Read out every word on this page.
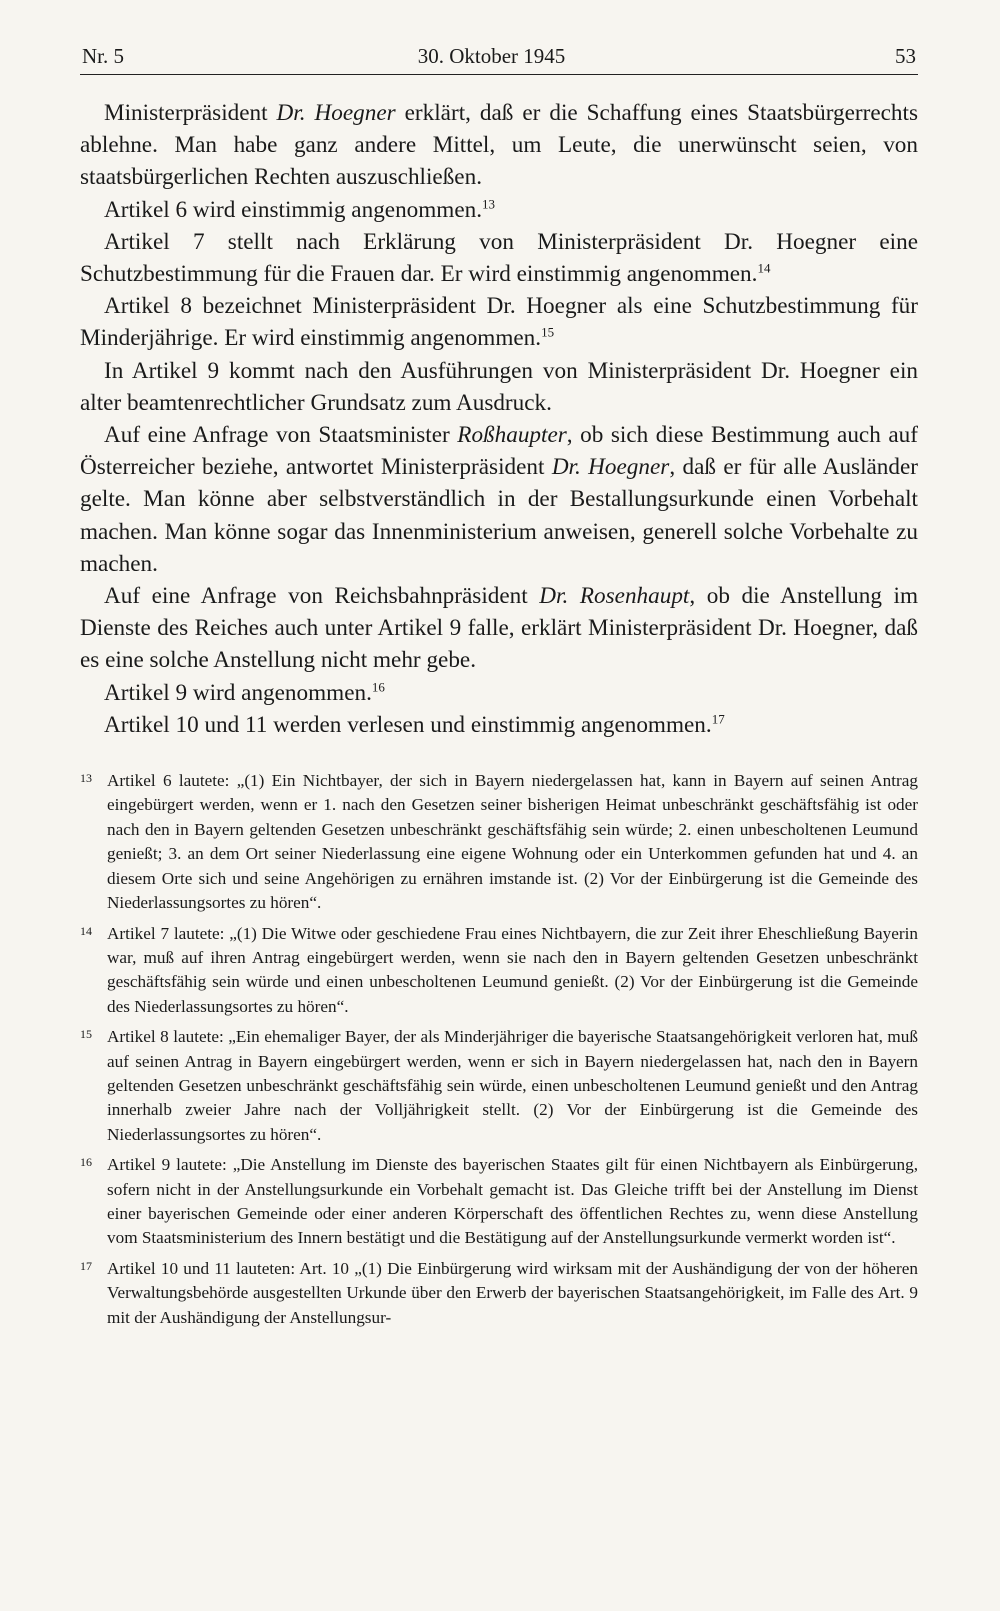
Nr. 5	30. Oktober 1945	53

Ministerpräsident Dr. Hoegner erklärt, daß er die Schaffung eines Staatsbürgerrechts ablehne. Man habe ganz andere Mittel, um Leute, die unerwünscht seien, von staatsbürgerlichen Rechten auszuschließen.

Artikel 6 wird einstimmig angenommen.$^{13}$

Artikel 7 stellt nach Erklärung von Ministerpräsident Dr. Hoegner eine Schutzbestimmung für die Frauen dar. Er wird einstimmig angenommen.$^{14}$

Artikel 8 bezeichnet Ministerpräsident Dr. Hoegner als eine Schutzbestimmung für Minderjährige. Er wird einstimmig angenommen.$^{15}$

In Artikel 9 kommt nach den Ausführungen von Ministerpräsident Dr. Hoegner ein alter beamtenrechtlicher Grundsatz zum Ausdruck.

Auf eine Anfrage von Staatsminister Roßhaupter, ob sich diese Bestimmung auch auf Österreicher beziehe, antwortet Ministerpräsident Dr. Hoegner, daß er für alle Ausländer gelte. Man könne aber selbstverständlich in der Bestallungsurkunde einen Vorbehalt machen. Man könne sogar das Innenministerium anweisen, generell solche Vorbehalte zu machen.

Auf eine Anfrage von Reichsbahnpräsident Dr. Rosenhaupt, ob die Anstellung im Dienste des Reiches auch unter Artikel 9 falle, erklärt Ministerpräsident Dr. Hoegner, daß es eine solche Anstellung nicht mehr gebe.

Artikel 9 wird angenommen.$^{16}$

Artikel 10 und 11 werden verlesen und einstimmig angenommen.$^{17}$

13 Artikel 6 lautete: „(1) Ein Nichtbayer, der sich in Bayern niedergelassen hat, kann in Bayern auf seinen Antrag eingebürgert werden, wenn er 1. nach den Gesetzen seiner bisherigen Heimat unbeschränkt geschäftsfähig ist oder nach den in Bayern geltenden Gesetzen unbeschränkt geschäftsfähig sein würde; 2. einen unbescholtenen Leumund genießt; 3. an dem Ort seiner Niederlassung eine eigene Wohnung oder ein Unterkommen gefunden hat und 4. an diesem Orte sich und seine Angehörigen zu ernähren imstande ist. (2) Vor der Einbürgerung ist die Gemeinde des Niederlassungsortes zu hören“.
14 Artikel 7 lautete: „(1) Die Witwe oder geschiedene Frau eines Nichtbayern, die zur Zeit ihrer Eheschließung Bayerin war, muß auf ihren Antrag eingebürgert werden, wenn sie nach den in Bayern geltenden Gesetzen unbeschränkt geschäftsfähig sein würde und einen unbescholtenen Leumund genießt. (2) Vor der Einbürgerung ist die Gemeinde des Niederlassungsortes zu hören“.
15 Artikel 8 lautete: „Ein ehemaliger Bayer, der als Minderjähriger die bayerische Staatsangehörigkeit verloren hat, muß auf seinen Antrag in Bayern eingebürgert werden, wenn er sich in Bayern niedergelassen hat, nach den in Bayern geltenden Gesetzen unbeschränkt geschäftsfähig sein würde, einen unbescholtenen Leumund genießt und den Antrag innerhalb zweier Jahre nach der Volljährigkeit stellt. (2) Vor der Einbürgerung ist die Gemeinde des Niederlassungsortes zu hören“.
16 Artikel 9 lautete: „Die Anstellung im Dienste des bayerischen Staates gilt für einen Nichtbayern als Einbürgerung, sofern nicht in der Anstellungsurkunde ein Vorbehalt gemacht ist. Das Gleiche trifft bei der Anstellung im Dienst einer bayerischen Gemeinde oder einer anderen Körperschaft des öffentlichen Rechtes zu, wenn diese Anstellung vom Staatsministerium des Innern bestätigt und die Bestätigung auf der Anstellungsurkunde vermerkt worden ist“.
17 Artikel 10 und 11 lauteten: Art. 10 „(1) Die Einbürgerung wird wirksam mit der Aushändigung der von der höheren Verwaltungsbehörde ausgestellten Urkunde über den Erwerb der bayerischen Staatsangehörigkeit, im Falle des Art. 9 mit der Aushändigung der Anstellungsur-
